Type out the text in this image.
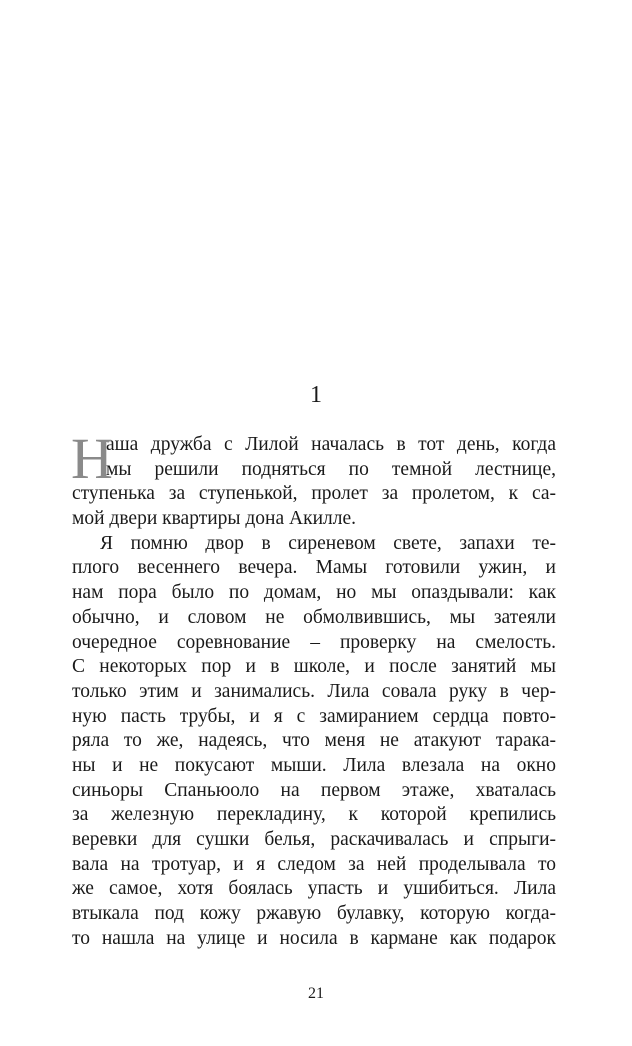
1
Н
аша дружба с Лилой началась в тот день, когда
мы решили подняться по темной лестнице,
ступенька за ступенькой, пролет за пролетом, к са-
мой двери квартиры дона Акилле.
Я помню двор в сиреневом свете, запахи те-
плого весеннего вечера. Мамы готовили ужин, и
нам пора было по домам, но мы опаздывали: как
обычно, и словом не обмолвившись, мы затеяли
очередное соревнование – проверку на смелость.
С некоторых пор и в школе, и после занятий мы
только этим и занимались. Лила совала руку в чер-
ную пасть трубы, и я с замиранием сердца повто-
ряла то же, надеясь, что меня не атакуют тарака-
ны и не покусают мыши. Лила влезала на окно
синьоры Спаньюоло на первом этаже, хваталась
за железную перекладину, к которой крепились
веревки для сушки белья, раскачивалась и спрыги-
вала на тротуар, и я следом за ней проделывала то
же самое, хотя боялась упасть и ушибиться. Лила
втыкала под кожу ржавую булавку, которую когда-
то нашла на улице и носила в кармане как подарок
21
